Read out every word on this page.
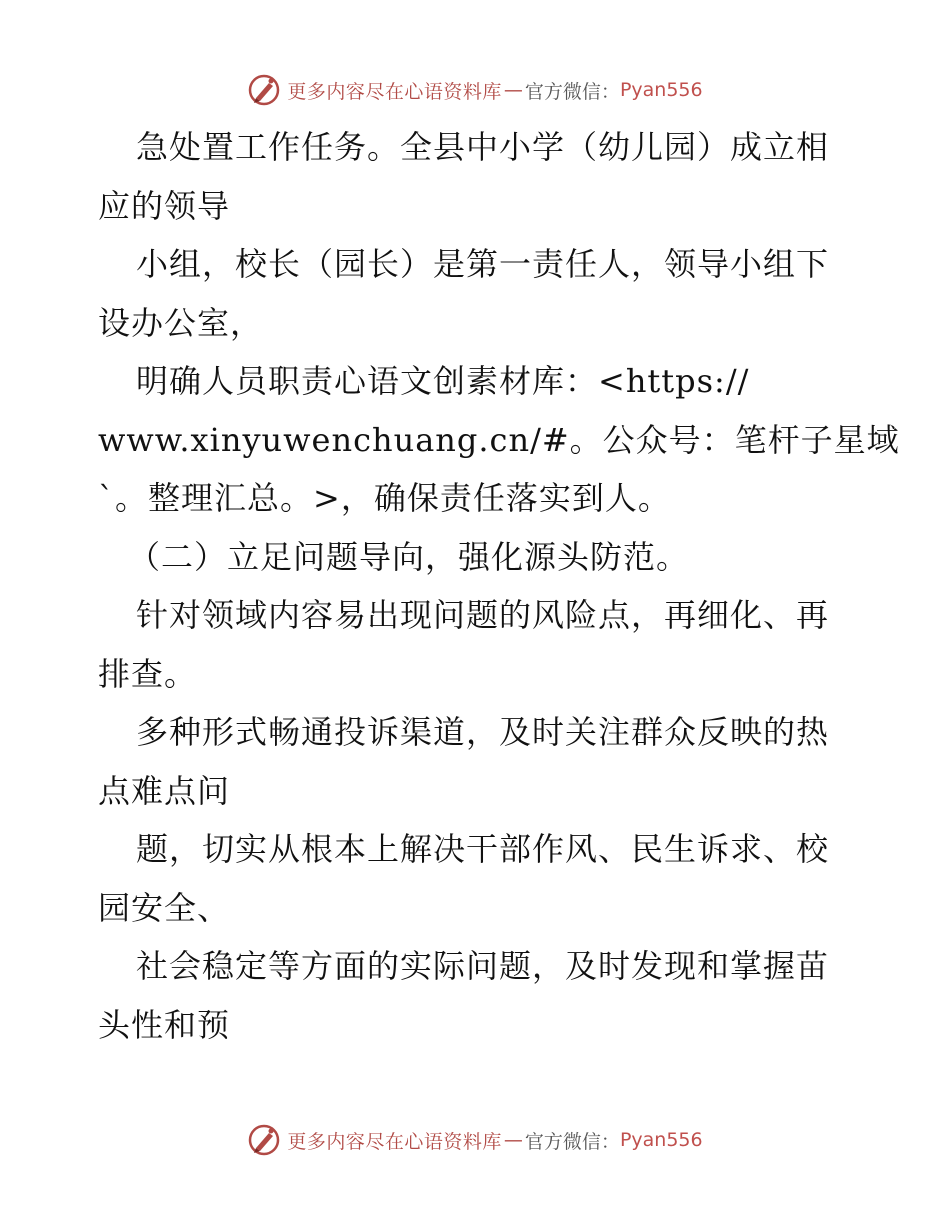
更多内容尽在心语资料库 — 官方微信： Pyan556
急处置工作任务。全县中小学（幼儿园）成立相
应的领导
小组，校长（园长）是第一责任人，领导小组下
设办公室，
明确人员职责心语文创素材库：<https://
www.xinyuwenchuang.cn/#。公众号：笔杆子星域
`。整理汇总。>，确保责任落实到人。
（二）立足问题导向，强化源头防范。
针对领域内容易出现问题的风险点，再细化、再
排查。
多种形式畅通投诉渠道，及时关注群众反映的热
点难点问
题，切实从根本上解决干部作风、民生诉求、校
园安全、
社会稳定等方面的实际问题，及时发现和掌握苗
头性和预
更多内容尽在心语资料库 — 官方微信： Pyan556
